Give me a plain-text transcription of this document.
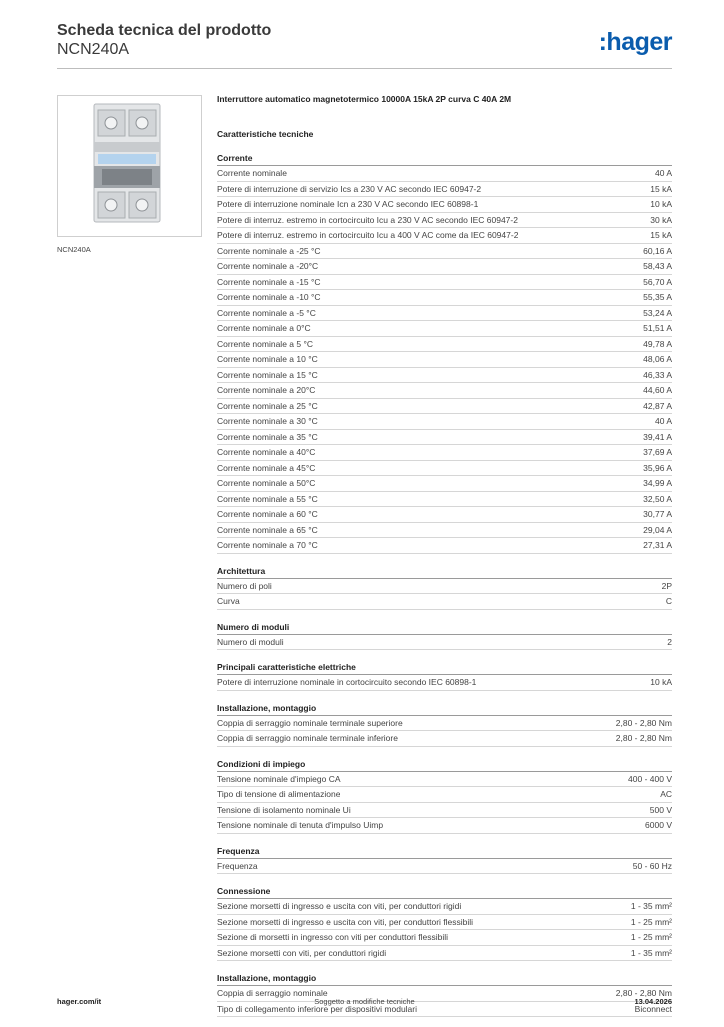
Scheda tecnica del prodotto
NCN240A	:hager
NCN240A
Interruttore automatico magnetotermico 10000A 15kA 2P curva C 40A 2M
Caratteristiche tecniche
Corrente
Corrente nominale	40 A
Potere di interruzione di servizio Ics a 230 V AC secondo IEC 60947-2	15 kA
Potere di interruzione nominale Icn a 230 V AC secondo IEC 60898-1	10 kA
Potere di interruz. estremo in cortocircuito Icu a 230 V AC secondo IEC 60947-2	30 kA
Potere di interruz. estremo in cortocircuito Icu a 400 V AC come da IEC 60947-2	15 kA
Corrente nominale a -25 °C	60,16 A
Corrente nominale a -20°C	58,43 A
Corrente nominale a -15 °C	56,70 A
Corrente nominale a -10 °C	55,35 A
Corrente nominale a -5 °C	53,24 A
Corrente nominale a 0°C	51,51 A
Corrente nominale a 5 °C	49,78 A
Corrente nominale a 10 °C	48,06 A
Corrente nominale a 15 °C	46,33 A
Corrente nominale a 20°C	44,60 A
Corrente nominale a 25 °C	42,87 A
Corrente nominale a 30 °C	40 A
Corrente nominale a 35 °C	39,41 A
Corrente nominale a 40°C	37,69 A
Corrente nominale a 45°C	35,96 A
Corrente nominale a 50°C	34,99 A
Corrente nominale a 55 °C	32,50 A
Corrente nominale a 60 °C	30,77 A
Corrente nominale a 65 °C	29,04 A
Corrente nominale a 70 °C	27,31 A
Architettura
Numero di poli	2P
Curva	C
Numero di moduli
Numero di moduli	2
Principali caratteristiche elettriche
Potere di interruzione nominale in cortocircuito secondo IEC 60898-1	10 kA
Installazione, montaggio
Coppia di serraggio nominale terminale superiore	2,80 - 2,80 Nm
Coppia di serraggio nominale terminale inferiore	2,80 - 2,80 Nm
Condizioni di impiego
Tensione nominale d'impiego CA	400 - 400 V
Tipo di tensione di alimentazione	AC
Tensione di isolamento nominale Ui	500 V
Tensione nominale di tenuta d'impulso Uimp	6000 V
Frequenza
Frequenza	50 - 60 Hz
Connessione
Sezione morsetti di ingresso e uscita con viti, per conduttori rigidi	1 - 35 mm²
Sezione morsetti di ingresso e uscita con viti, per conduttori flessibili	1 - 25 mm²
Sezione di morsetti in ingresso con viti per conduttori flessibili	1 - 25 mm²
Sezione morsetti con viti, per conduttori rigidi	1 - 35 mm²
Installazione, montaggio
Coppia di serraggio nominale	2,80 - 2,80 Nm
Tipo di collegamento inferiore per dispositivi modulari	Biconnect
hager.com/it	Soggetto a modifiche tecniche	13.04.2026
